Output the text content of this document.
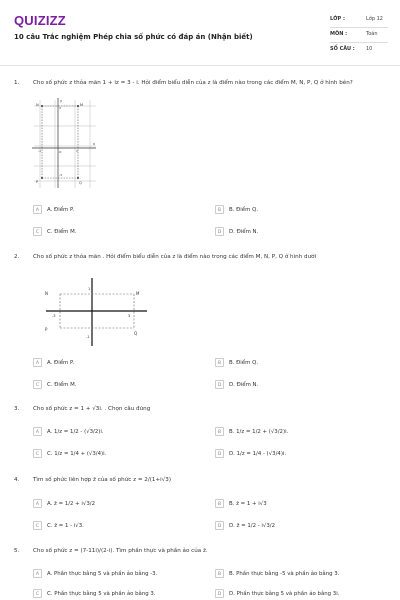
QUIZIZZ
10 câu Trắc nghiệm Phép chia số phức có đáp án (Nhận biết)
LỚP :	Lớp 12
MÔN :	Toán
SỐ CÂU : 10
1. Cho số phức z thỏa mãn 1 + iz = 3 - i. Hỏi điểm biểu diễn của z là điểm nào trong các điểm M, N, P, Q ở hình bên?
y
x
O
N	M
P	Q
3
-3
-1	1
A	A. Điểm P.	B	B. Điểm Q.
C	C. Điểm M.	D	D. Điểm N.
2. Cho số phức z thỏa mãn . Hỏi điểm biểu diễn của z là điểm nào trong các điểm M, N, P, Q ở hình dưới
N	M
P
Q
1
-1
3
-3
A	A. Điểm P.	B	B. Điểm Q.
C	C. Điểm M.	D	D. Điểm N.
3. Cho số phức z = 1 + √3i. . Chọn câu đúng
A	A. 1/z = 1/2 - (√3/2)i.	B	B. 1/z = 1/2 + (√3/2)i.
C	C. 1/z = 1/4 + (√3/4)i.	D	D. 1/z = 1/4 - (√3/4)i.
4. Tìm số phức liên hợp z̄ của số phức z = 2/(1+i√3)
A	A. z̄ = 1/2 + i√3/2	B	B. z̄ = 1 + i√3
C	C. z̄ = 1 - i√3.	D	D. z̄ = 1/2 - i√3/2
5. Cho số phức z = (7-11i)/(2-i). Tìm phần thực và phần ảo của z̄.
A	A. Phần thực bằng 5 và phần ảo bằng -3.	B	B. Phần thực bằng -5 và phần ảo bằng 3.
C	C. Phần thực bằng 5 và phần ảo bằng 3.	D	D. Phần thực bằng 5 và phần ảo bằng 3i.
